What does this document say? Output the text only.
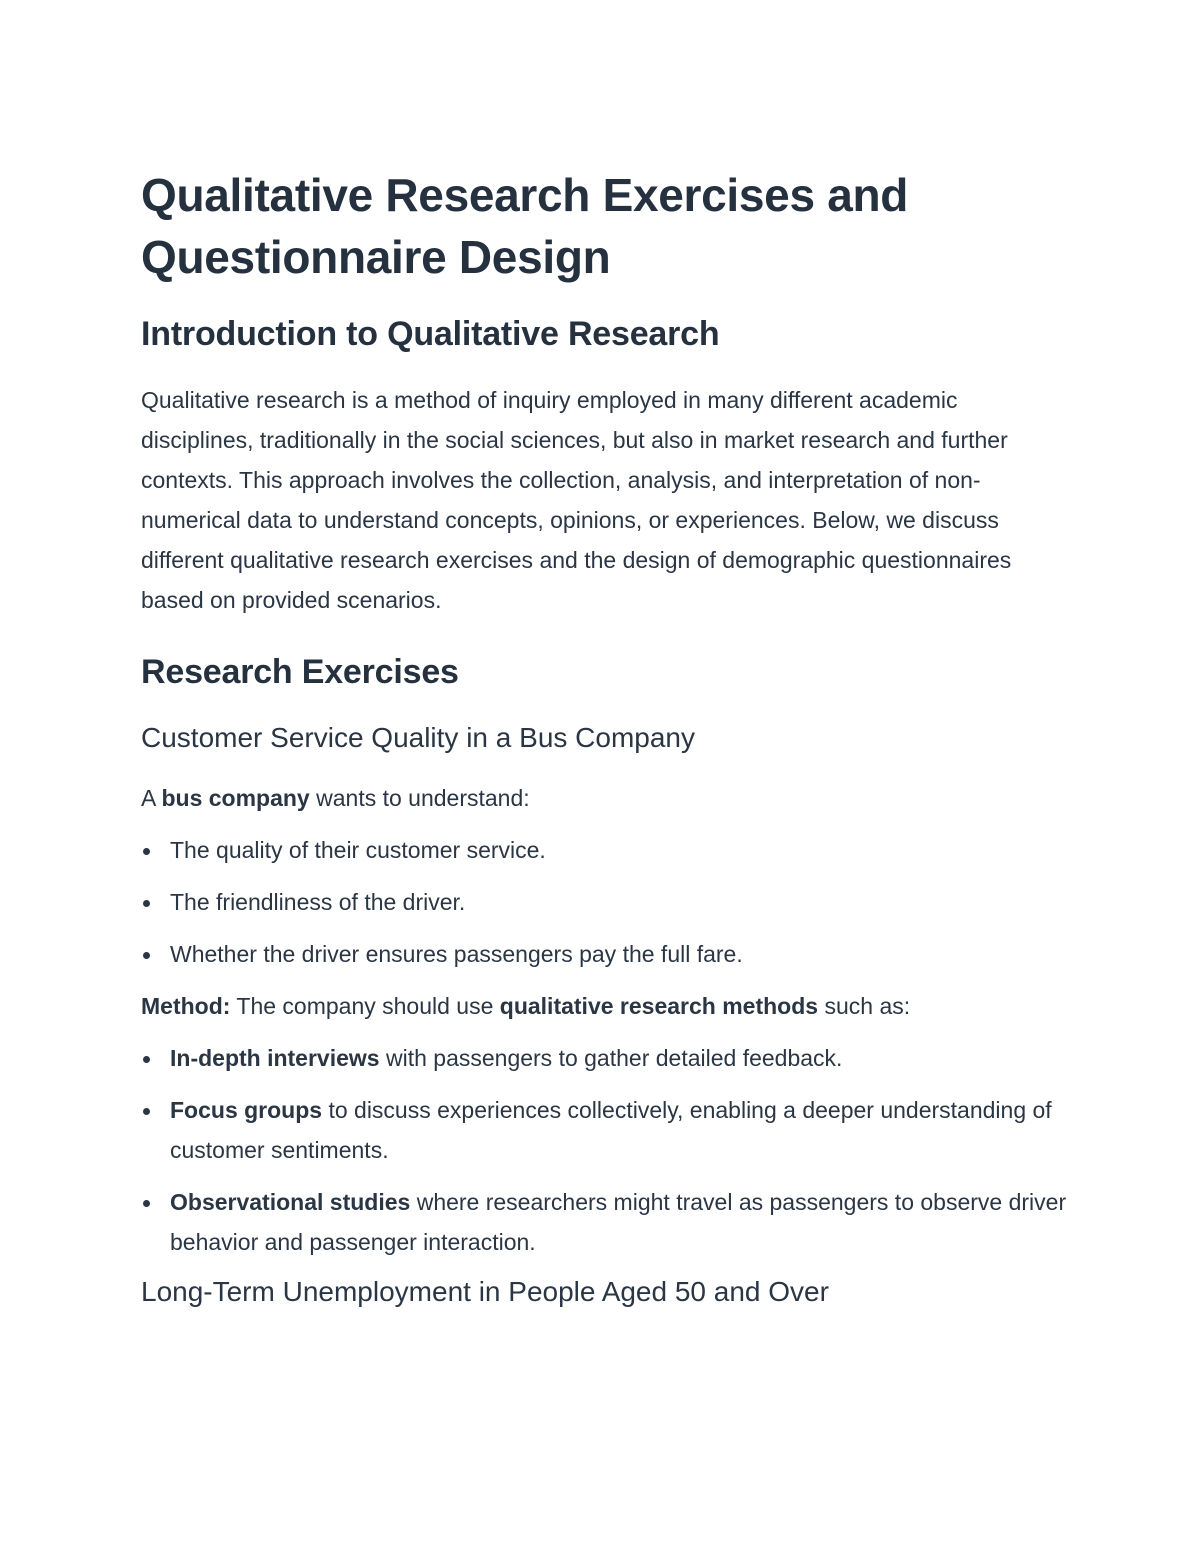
Qualitative Research Exercises and Questionnaire Design
Introduction to Qualitative Research

Qualitative research is a method of inquiry employed in many different academic disciplines, traditionally in the social sciences, but also in market research and further contexts. This approach involves the collection, analysis, and interpretation of non-numerical data to understand concepts, opinions, or experiences. Below, we discuss different qualitative research exercises and the design of demographic questionnaires based on provided scenarios.

Research Exercises
Customer Service Quality in a Bus Company

A bus company wants to understand:

The quality of their customer service.
The friendliness of the driver.
Whether the driver ensures passengers pay the full fare.

Method: The company should use qualitative research methods such as:

In-depth interviews with passengers to gather detailed feedback.
Focus groups to discuss experiences collectively, enabling a deeper understanding of customer sentiments.
Observational studies where researchers might travel as passengers to observe driver behavior and passenger interaction.
Long-Term Unemployment in People Aged 50 and Over
